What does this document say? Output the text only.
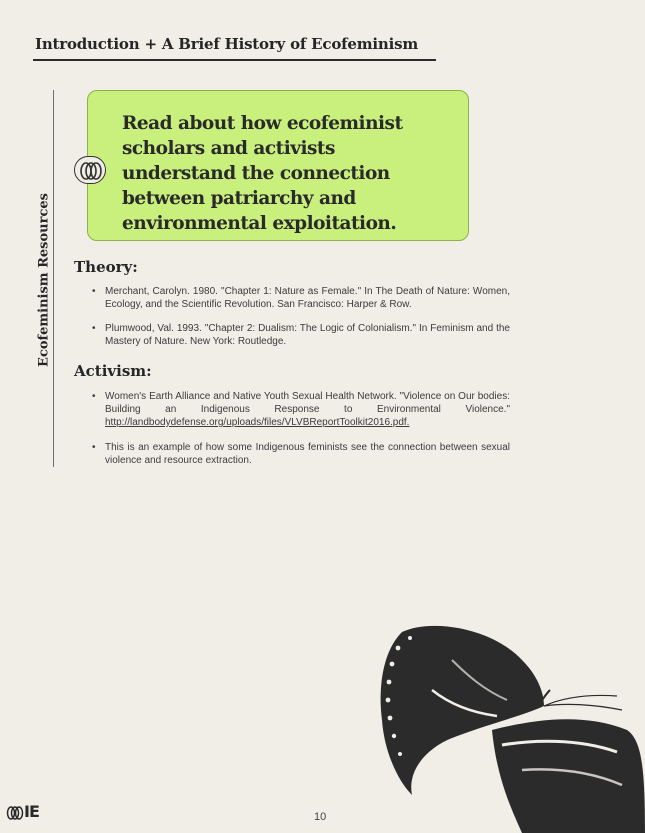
Introduction + A Brief History of Ecofeminism
Ecofeminism Resources
Read about how ecofeminist
scholars and activists
understand the connection
between patriarchy and
environmental exploitation.
Theory:
• Merchant, Carolyn. 1980. "Chapter 1: Nature as Female." In The Death of Nature: Women, Ecology, and the Scientific Revolution. San Francisco: Harper & Row.
• Plumwood, Val. 1993. "Chapter 2: Dualism: The Logic of Colonialism." In Feminism and the Mastery of Nature. New York: Routledge.
Activism:
• Women's Earth Alliance and Native Youth Sexual Health Network. "Violence on Our bodies: Building an Indigenous Response to Environmental Violence." http://landbodydefense.org/uploads/files/VLVBReportToolkit2016.pdf.
• This is an example of how some Indigenous feminists see the connection between sexual violence and resource extraction.
IE	10
